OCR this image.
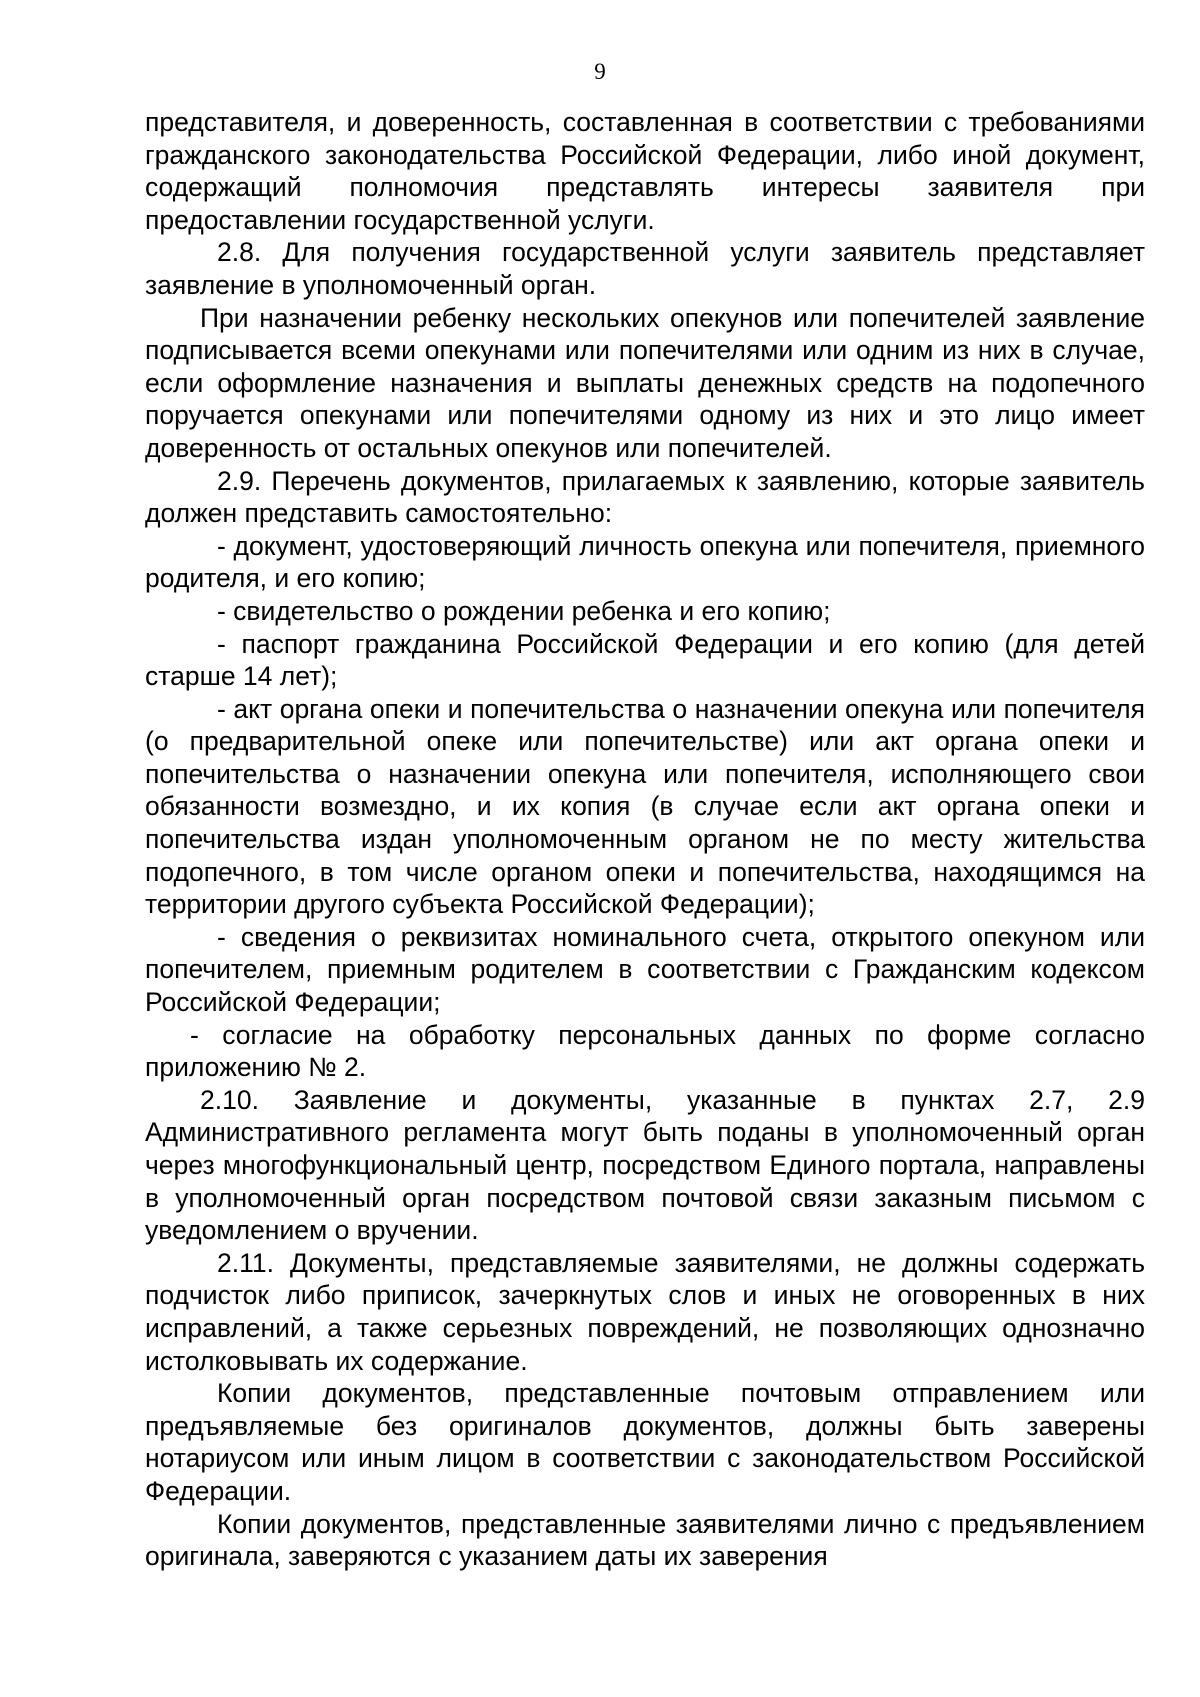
9

представителя, и доверенность, составленная в соответствии с требованиями гражданского законодательства Российской Федерации, либо иной документ, содержащий полномочия представлять интересы заявителя при предоставлении государственной услуги.

2.8. Для получения государственной услуги заявитель представляет заявление в уполномоченный орган.

При назначении ребенку нескольких опекунов или попечителей заявление подписывается всеми опекунами или попечителями или одним из них в случае, если оформление назначения и выплаты денежных средств на подопечного поручается опекунами или попечителями одному из них и это лицо имеет доверенность от остальных опекунов или попечителей.

2.9. Перечень документов, прилагаемых к заявлению, которые заявитель должен представить самостоятельно:

- документ, удостоверяющий личность опекуна или попечителя, приемного родителя, и его копию;

- свидетельство о рождении ребенка и его копию;

- паспорт гражданина Российской Федерации и его копию (для детей старше 14 лет);

- акт органа опеки и попечительства о назначении опекуна или попечителя (о предварительной опеке или попечительстве) или акт органа опеки и попечительства о назначении опекуна или попечителя, исполняющего свои обязанности возмездно, и их копия (в случае если акт органа опеки и попечительства издан уполномоченным органом не по месту жительства подопечного, в том числе органом опеки и попечительства, находящимся на территории другого субъекта Российской Федерации);

- сведения о реквизитах номинального счета, открытого опекуном или попечителем, приемным родителем в соответствии с Гражданским кодексом Российской Федерации;

- согласие на обработку персональных данных по форме согласно приложению № 2.

2.10. Заявление и документы, указанные в пунктах 2.7, 2.9 Административного регламента могут быть поданы в уполномоченный орган через многофункциональный центр, посредством Единого портала, направлены в уполномоченный орган посредством почтовой связи заказным письмом с уведомлением о вручении.

2.11. Документы, представляемые заявителями, не должны содержать подчисток либо приписок, зачеркнутых слов и иных не оговоренных в них исправлений, а также серьезных повреждений, не позволяющих однозначно истолковывать их содержание.

Копии документов, представленные почтовым отправлением или предъявляемые без оригиналов документов, должны быть заверены нотариусом или иным лицом в соответствии с законодательством Российской Федерации.

Копии документов, представленные заявителями лично с предъявлением оригинала, заверяются с указанием даты их заверения
